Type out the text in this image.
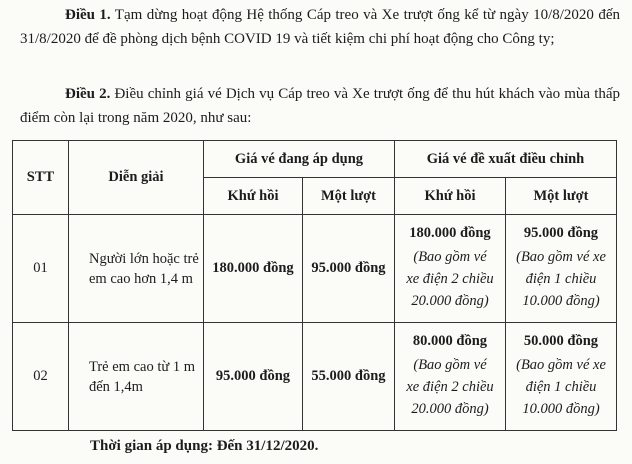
   Điều 1. Tạm dừng hoạt động Hệ thống Cáp treo và Xe trượt ống kể từ ngày 10/8/2020 đến 31/8/2020 để đề phòng dịch bệnh COVID 19 và tiết kiệm chi phí hoạt động cho Công ty;
   Điều 2. Điều chỉnh giá vé Dịch vụ Cáp treo và Xe trượt ống để thu hút khách vào mùa thấp điểm còn lại trong năm 2020, như sau:
STT	Diễn giải	Giá vé đang áp dụng		Giá vé đề xuất điều chỉnh	
		Khứ hồi	Một lượt	Khứ hồi	Một lượt
01	Người lớn hoặc trẻ
em cao hơn 1,4 m	180.000 đồng	95.000 đồng	180.000 đồng
(Bao gồm vé
xe điện 2 chiều
20.000 đồng)	95.000 đồng
(Bao gồm vé xe
điện 1 chiều
10.000 đồng)

02	Trẻ em cao từ 1 m
đến 1,4m	95.000 đồng	55.000 đồng	80.000 đồng
(Bao gồm vé
xe điện 2 chiều
20.000 đồng)	50.000 đồng
(Bao gồm vé xe
điện 1 chiều
10.000 đồng)
Thời gian áp dụng: Đến 31/12/2020.
